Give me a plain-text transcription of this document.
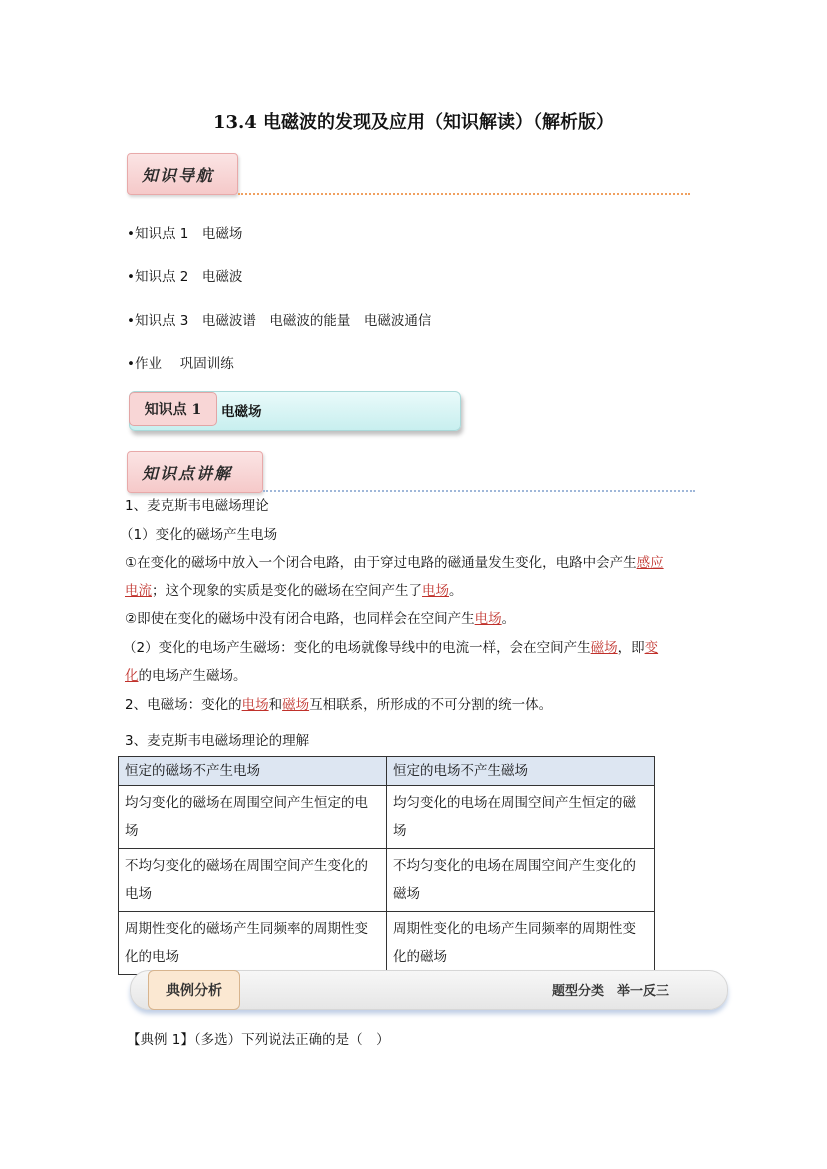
13.4 电磁波的发现及应用（知识解读）（解析版）
知识导航
•知识点 1　电磁场
•知识点 2　电磁波
•知识点 3　电磁波谱　电磁波的能量　电磁波通信
•作业　 巩固训练
知识点 1	电磁场
知识点讲解
1、麦克斯韦电磁场理论
（1）变化的磁场产生电场
①在变化的磁场中放入一个闭合电路，由于穿过电路的磁通量发生变化，电路中会产生感应
电流；这个现象的实质是变化的磁场在空间产生了电场。
②即使在变化的磁场中没有闭合电路，也同样会在空间产生电场。
（2）变化的电场产生磁场：变化的电场就像导线中的电流一样，会在空间产生磁场，即变
化的电场产生磁场。
2、电磁场：变化的电场和磁场互相联系，所形成的不可分割的统一体。
3、麦克斯韦电磁场理论的理解
恒定的磁场不产生电场	恒定的电场不产生磁场
均匀变化的磁场在周围空间产生恒定的电场	均匀变化的电场在周围空间产生恒定的磁场
不均匀变化的磁场在周围空间产生变化的电场	不均匀变化的电场在周围空间产生变化的磁场
周期性变化的磁场产生同频率的周期性变化的电场	周期性变化的电场产生同频率的周期性变化的磁场
典例分析	题型分类　举一反三
【典例 1】（多选）下列说法正确的是（　）
